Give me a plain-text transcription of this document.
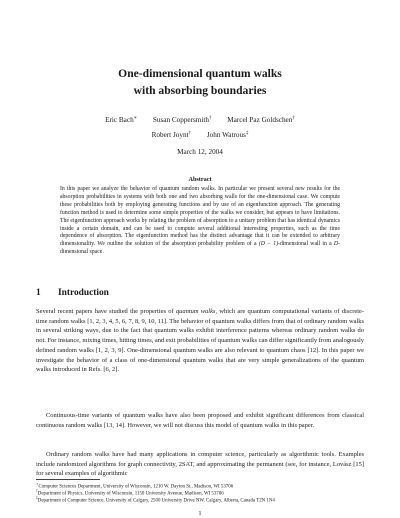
One-dimensional quantum walks
with absorbing boundaries
Eric Bach∗ Susan Coppersmith† Marcel Paz Goldschen†
Robert Joynt† John Watrous‡
March 12, 2004
Abstract

In this paper we analyze the behavior of quantum random walks. In particular we present several new results for the absorption probabilities in systems with both one and two absorbing walls for the one-dimensional case. We compute these probabilities both by employing generating functions and by use of an eigenfunction approach. The generating function method is used to determine some simple properties of the walks we consider, but appears to have limitations. The eigenfunction approach works by relating the problem of absorption to a unitary problem that has identical dynamics inside a certain domain, and can be used to compute several additional interesting properties, such as the time dependence of absorption. The eigenfunction method has the distinct advantage that it can be extended to arbitrary dimensionality. We outline the solution of the absorption probability problem of a (D − 1)-dimensional wall in a D-dimensional space.

1 Introduction

Several recent papers have studied the properties of quantum walks, which are quantum computational variants of discrete-time random walks [1, 2, 3, 4, 5, 6, 7, 8, 9, 10, 11]. The behavior of quantum walks differs from that of ordinary random walks in several striking ways, due to the fact that quantum walks exhibit interference patterns whereas ordinary random walks do not. For instance, mixing times, hitting times, and exit probabilities of quantum walks can differ significantly from analogously defined random walks [1, 2, 3, 9]. One-dimensional quantum walks are also relevant to quantum chaos [12]. In this paper we investigate the behavior of a class of one-dimensional quantum walks that are very simple generalizations of the quantum walks introduced in Refs. [6, 2].

Continuous-time variants of quantum walks have also been proposed and exhibit significant differences from classical continuous random walks [13, 14]. However, we will not discuss this model of quantum walks in this paper.

Ordinary random walks have had many applications in computer science, particularly as algorithmic tools. Examples include randomized algorithms for graph connectivity, 2SAT, and approximating the permanent (see, for instance, Lovász [15] for several examples of algorithmic

∗Computer Sciences Department, University of Wisconsin, 1210 W. Dayton St., Madison, WI 53706

†Department of Physics, University of Wisconsin, 1150 University Avenue, Madison, WI 53706

‡Department of Computer Science, University of Calgary, 2500 University Drive NW, Calgary, Alberta, Canada T2N 1N4

1
